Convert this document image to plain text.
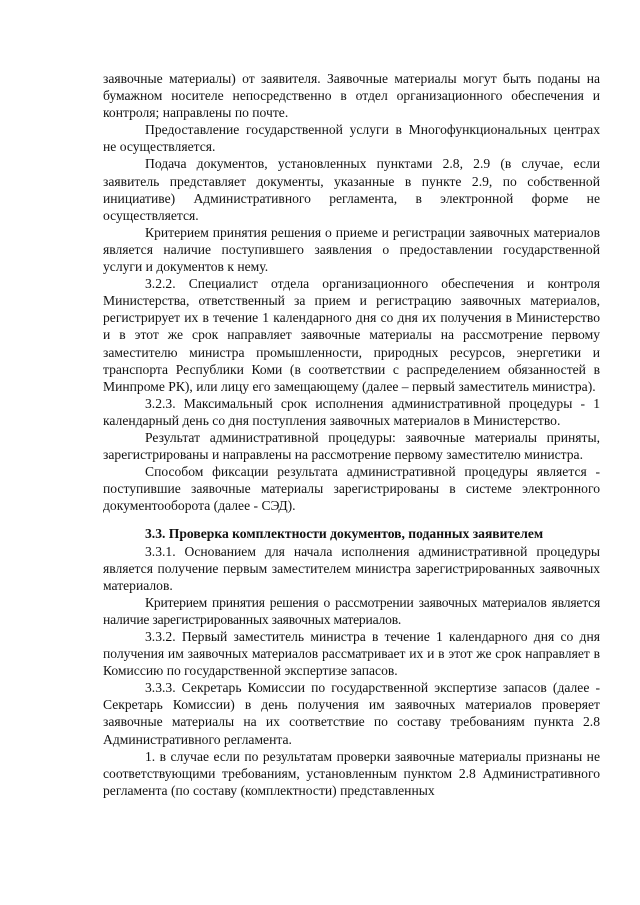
заявочные материалы) от заявителя. Заявочные материалы могут быть поданы на бумажном носителе непосредственно в отдел организационного обеспечения и контроля; направлены по почте.

Предоставление государственной услуги в Многофункциональных центрах не осуществляется.

Подача документов, установленных пунктами 2.8, 2.9 (в случае, если заявитель представляет документы, указанные в пункте 2.9, по собственной инициативе) Административного регламента, в электронной форме не осуществляется.

Критерием принятия решения о приеме и регистрации заявочных материалов является наличие поступившего заявления о предоставлении государственной услуги и документов к нему.

3.2.2. Специалист отдела организационного обеспечения и контроля Министерства, ответственный за прием и регистрацию заявочных материалов, регистрирует их в течение 1 календарного дня со дня их получения в Министерство и в этот же срок направляет заявочные материалы на рассмотрение первому заместителю министра промышленности, природных ресурсов, энергетики и транспорта Республики Коми (в соответствии с распределением обязанностей в Минпроме РК), или лицу его замещающему (далее – первый заместитель министра).

3.2.3. Максимальный срок исполнения административной процедуры - 1 календарный день со дня поступления заявочных материалов в Министерство.

Результат административной процедуры: заявочные материалы приняты, зарегистрированы и направлены на рассмотрение первому заместителю министра.

Способом фиксации результата административной процедуры является - поступившие заявочные материалы зарегистрированы в системе электронного документооборота (далее - СЭД).

3.3. Проверка комплектности документов, поданных заявителем

3.3.1. Основанием для начала исполнения административной процедуры является получение первым заместителем министра зарегистрированных заявочных материалов.

Критерием принятия решения о рассмотрении заявочных материалов является наличие зарегистрированных заявочных материалов.

3.3.2. Первый заместитель министра в течение 1 календарного дня со дня получения им заявочных материалов рассматривает их и в этот же срок направляет в Комиссию по государственной экспертизе запасов.

3.3.3. Секретарь Комиссии по государственной экспертизе запасов (далее - Секретарь Комиссии) в день получения им заявочных материалов проверяет заявочные материалы на их соответствие по составу требованиям пункта 2.8 Административного регламента.

1. в случае если по результатам проверки заявочные материалы признаны не соответствующими требованиям, установленным пунктом 2.8 Административного регламента (по составу (комплектности) представленных
